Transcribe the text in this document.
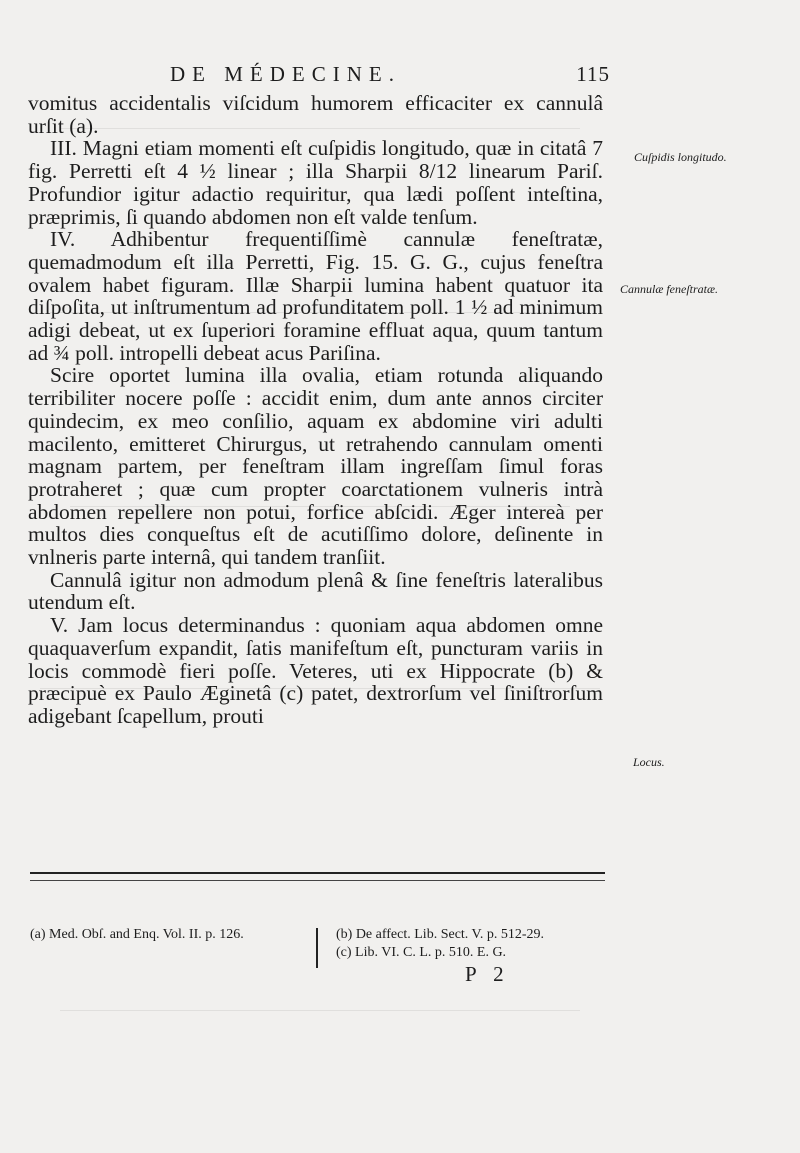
DE MÉDECINE.	115

vomitus accidentalis viſcidum humorem efficaciter ex cannulâ urſit (a).

III. Magni etiam momenti eſt cuſpidis longitudo, quæ in citatâ 7 fig. Perretti eſt 4 ½ linear ; illa Sharpii 8/12 linearum Pariſ. Profundior igitur adactio requiritur, qua lædi poſſent inteſtina, præprimis, ſi quando abdomen non eſt valde tenſum.

IV. Adhibentur frequentiſſimè cannulæ feneſtratæ, quemadmodum eſt illa Perretti, Fig. 15. G. G., cujus feneſtra ovalem habet figuram. Illæ Sharpii lumina habent quatuor ita diſpoſita, ut inſtrumentum ad profunditatem poll. 1 ½ ad minimum adigi debeat, ut ex ſuperiori foramine effluat aqua, quum tantum ad ¾ poll. intropelli debeat acus Pariſina.

Scire oportet lumina illa ovalia, etiam rotunda aliquando terribiliter nocere poſſe : accidit enim, dum ante annos circiter quindecim, ex meo conſilio, aquam ex abdomine viri adulti macilento, emitteret Chirurgus, ut retrahendo cannulam omenti magnam partem, per feneſtram illam ingreſſam ſimul foras protraheret ; quæ cum propter coarctationem vulneris intrà abdomen repellere non potui, forfice abſcidi. Æger intereà per multos dies conqueſtus eſt de acutiſſimo dolore, deſinente in vnlneris parte internâ, qui tandem tranſiit.

Cannulâ igitur non admodum plenâ & ſine feneſtris lateralibus utendum eſt.

V. Jam locus determinandus : quoniam aqua abdomen omne quaquaverſum expandit, ſatis manifeſtum eſt, puncturam variis in locis commodè fieri poſſe. Veteres, uti ex Hippocrate (b) & præcipuè ex Paulo Æginetâ (c) patet, dextrorſum vel ſiniſtrorſum adigebant ſcapellum, prouti

Cuſpidis longitudo.
Cannulæ feneſtratæ.
Locus.
(a) Med. Obſ. and Enq. Vol. II. p. 126.	(b) De affect. Lib. Sect. V. p. 512-29.
(c) Lib. VI. C. L. p. 510. E. G.
P 2
